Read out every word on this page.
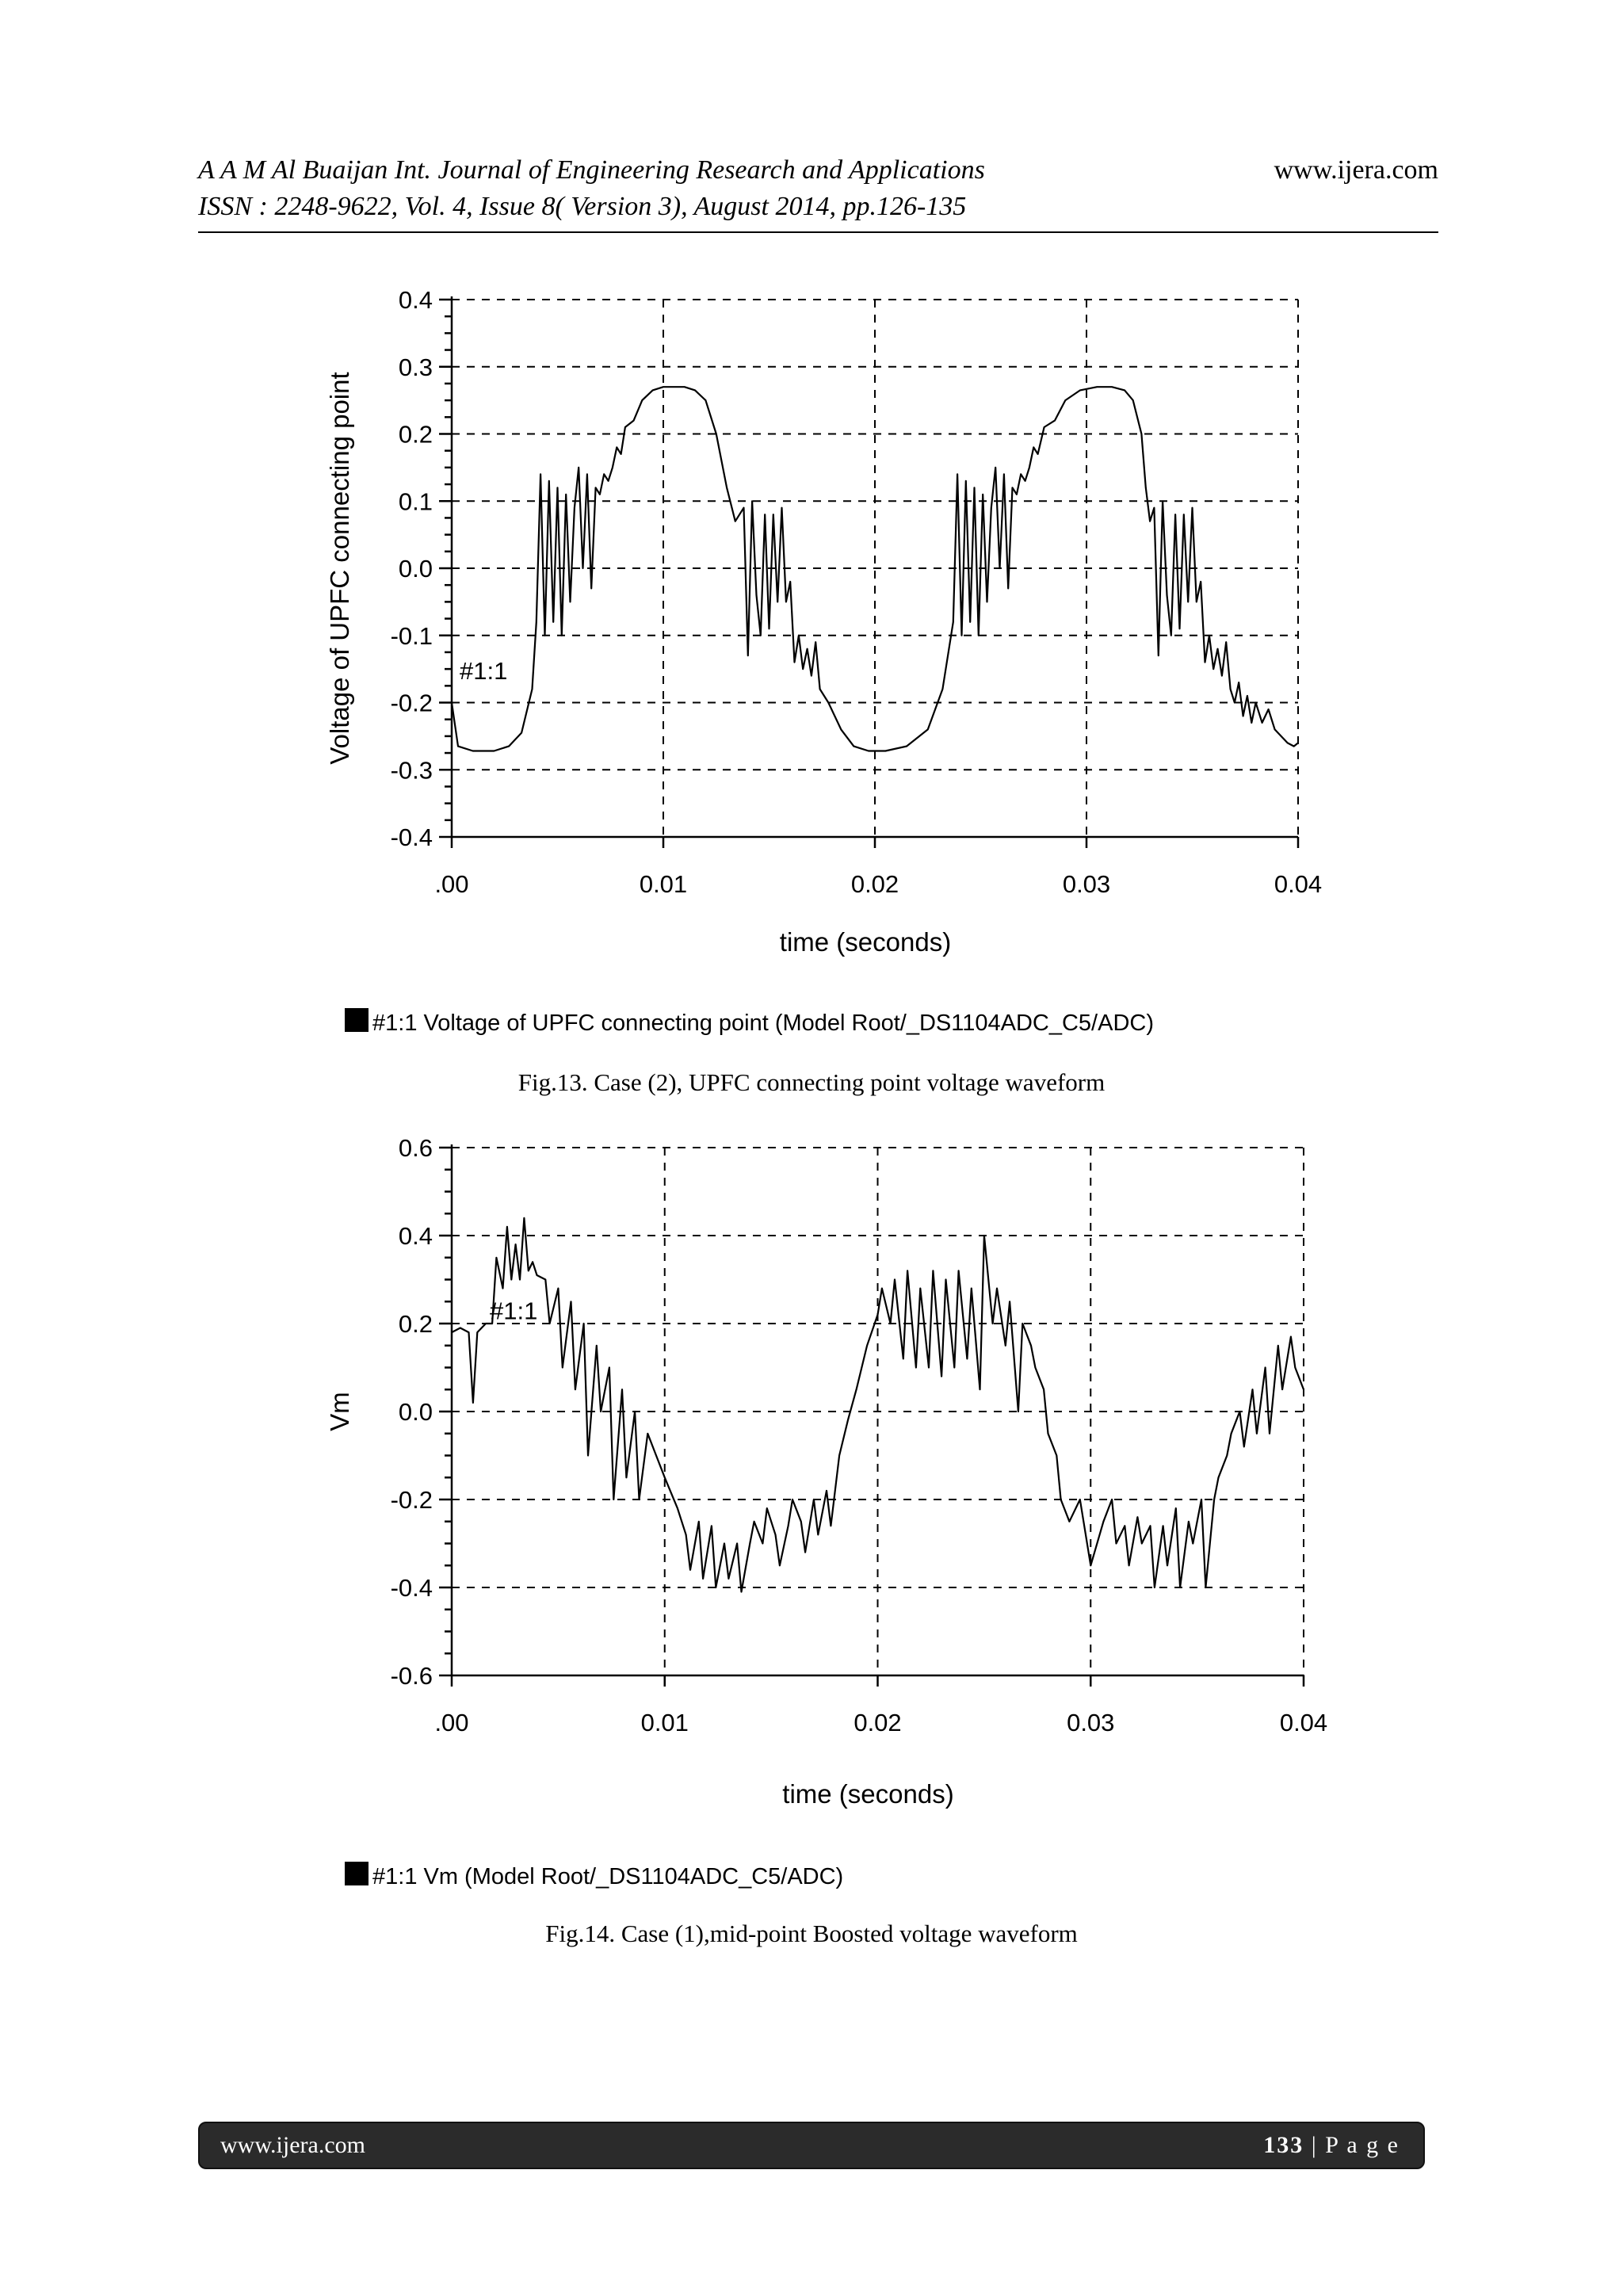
A A M Al Buaijan Int. Journal of Engineering Research and Applications
ISSN : 2248-9622, Vol. 4, Issue 8( Version 3), August 2014, pp.126-135
www.ijera.com
0.4
0.3
0.2
0.1
0.0
-0.1
-0.2
-0.3
-0.4
.00	0.01	0.02	0.03	0.04
#1:1
Voltage of UPFC connecting point
time (seconds)
#1:1 Voltage of UPFC connecting point (Model Root/_DS1104ADC_C5/ADC)
Fig.13. Case (2), UPFC connecting point voltage waveform
0.6
0.4
0.2
0.0
-0.2
-0.4
-0.6
.00	0.01	0.02	0.03	0.04
#1:1
Vm
time (seconds)
#1:1 Vm (Model Root/_DS1104ADC_C5/ADC)
Fig.14. Case (1),mid-point Boosted voltage waveform
www.ijera.com	133 | P a g e
